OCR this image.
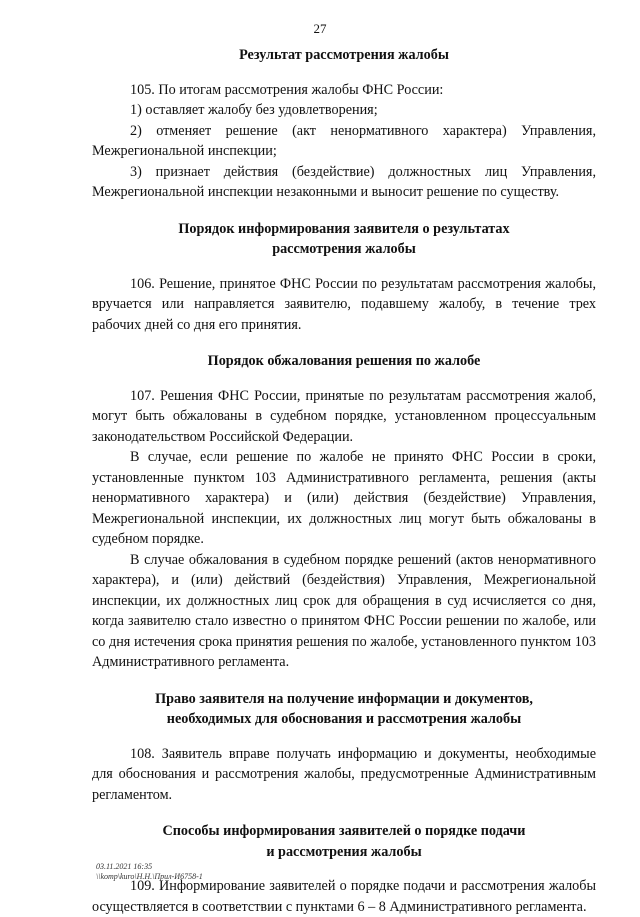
27
Результат рассмотрения жалобы

105. По итогам рассмотрения жалобы ФНС России:

1) оставляет жалобу без удовлетворения;

2) отменяет решение (акт ненормативного характера) Управления, Межрегиональной инспекции;

3) признает действия (бездействие) должностных лиц Управления, Межрегиональной инспекции незаконными и выносит решение по существу.

Порядок информирования заявителя о результатах
рассмотрения жалобы

106. Решение, принятое ФНС России по результатам рассмотрения жалобы, вручается или направляется заявителю, подавшему жалобу, в течение трех рабочих дней со дня его принятия.

Порядок обжалования решения по жалобе

107. Решения ФНС России, принятые по результатам рассмотрения жалоб, могут быть обжалованы в судебном порядке, установленном процессуальным законодательством Российской Федерации.

В случае, если решение по жалобе не принято ФНС России в сроки, установленные пунктом 103 Административного регламента, решения (акты ненормативного характера) и (или) действия (бездействие) Управления, Межрегиональной инспекции, их должностных лиц могут быть обжалованы в судебном порядке.

В случае обжалования в судебном порядке решений (актов ненормативного характера), и (или) действий (бездействия) Управления, Межрегиональной инспекции, их должностных лиц срок для обращения в суд исчисляется со дня, когда заявителю стало известно о принятом ФНС России решении по жалобе, или со дня истечения срока принятия решения по жалобе, установленного пунктом 103 Административного регламента.

Право заявителя на получение информации и документов,
необходимых для обоснования и рассмотрения жалобы

108. Заявитель вправе получать информацию и документы, необходимые для обоснования и рассмотрения жалобы, предусмотренные Административным регламентом.

Способы информирования заявителей о порядке подачи
и рассмотрения жалобы

109. Информирование заявителей о порядке подачи и рассмотрения жалобы осуществляется в соответствии с пунктами 6 – 8 Административного регламента.

03.11.2021 16:35
\\komp\kuro\Н.Н.\Прил-И6758-1
